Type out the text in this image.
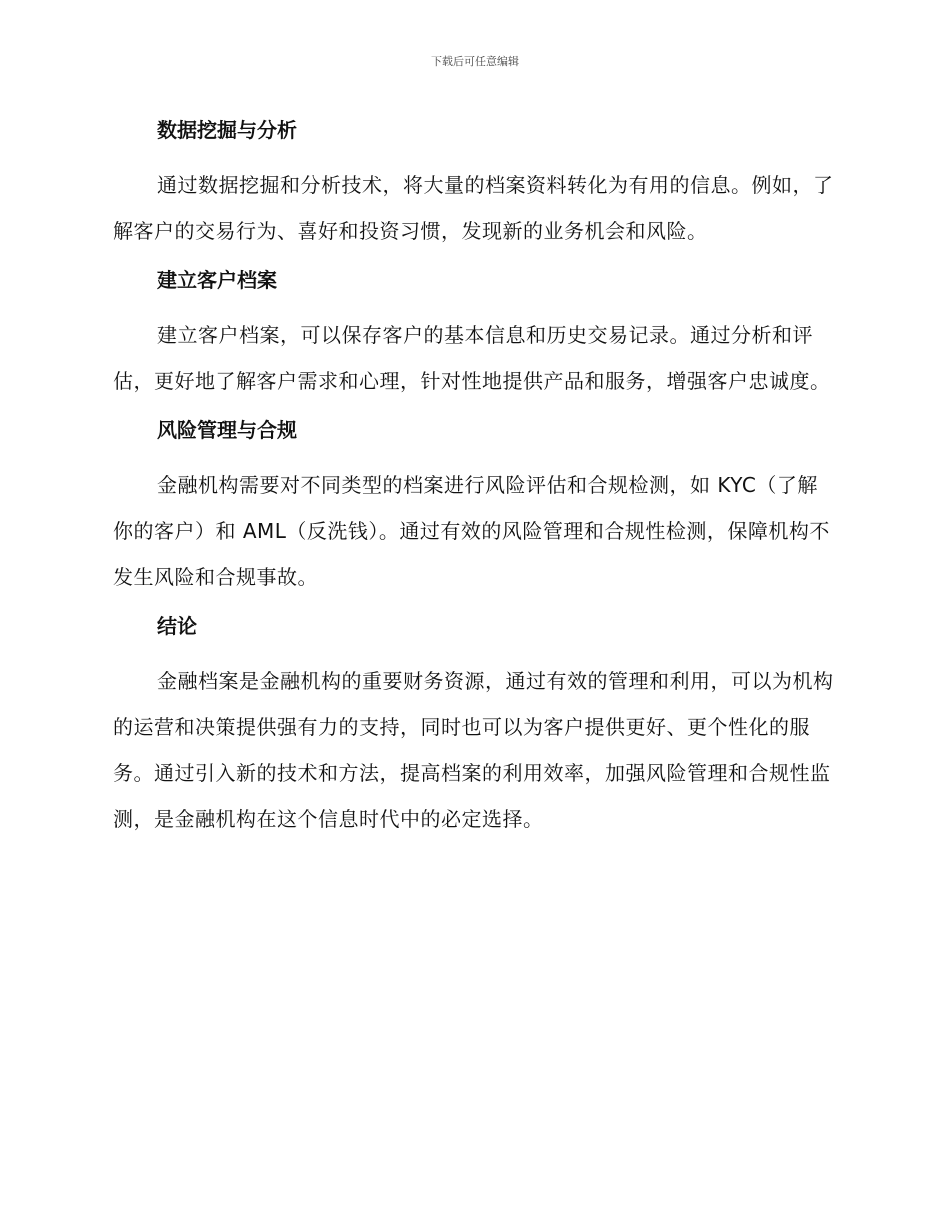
下载后可任意编辑
数据挖掘与分析

通过数据挖掘和分析技术，将大量的档案资料转化为有用的信息。例如，了解客户的交易行为、喜好和投资习惯，发现新的业务机会和风险。

建立客户档案

建立客户档案，可以保存客户的基本信息和历史交易记录。通过分析和评估，更好地了解客户需求和心理，针对性地提供产品和服务，增强客户忠诚度。

风险管理与合规

金融机构需要对不同类型的档案进行风险评估和合规检测，如 KYC（了解你的客户）和 AML（反洗钱）。通过有效的风险管理和合规性检测，保障机构不发生风险和合规事故。

结论

金融档案是金融机构的重要财务资源，通过有效的管理和利用，可以为机构的运营和决策提供强有力的支持，同时也可以为客户提供更好、更个性化的服务。通过引入新的技术和方法，提高档案的利用效率，加强风险管理和合规性监测，是金融机构在这个信息时代中的必定选择。
